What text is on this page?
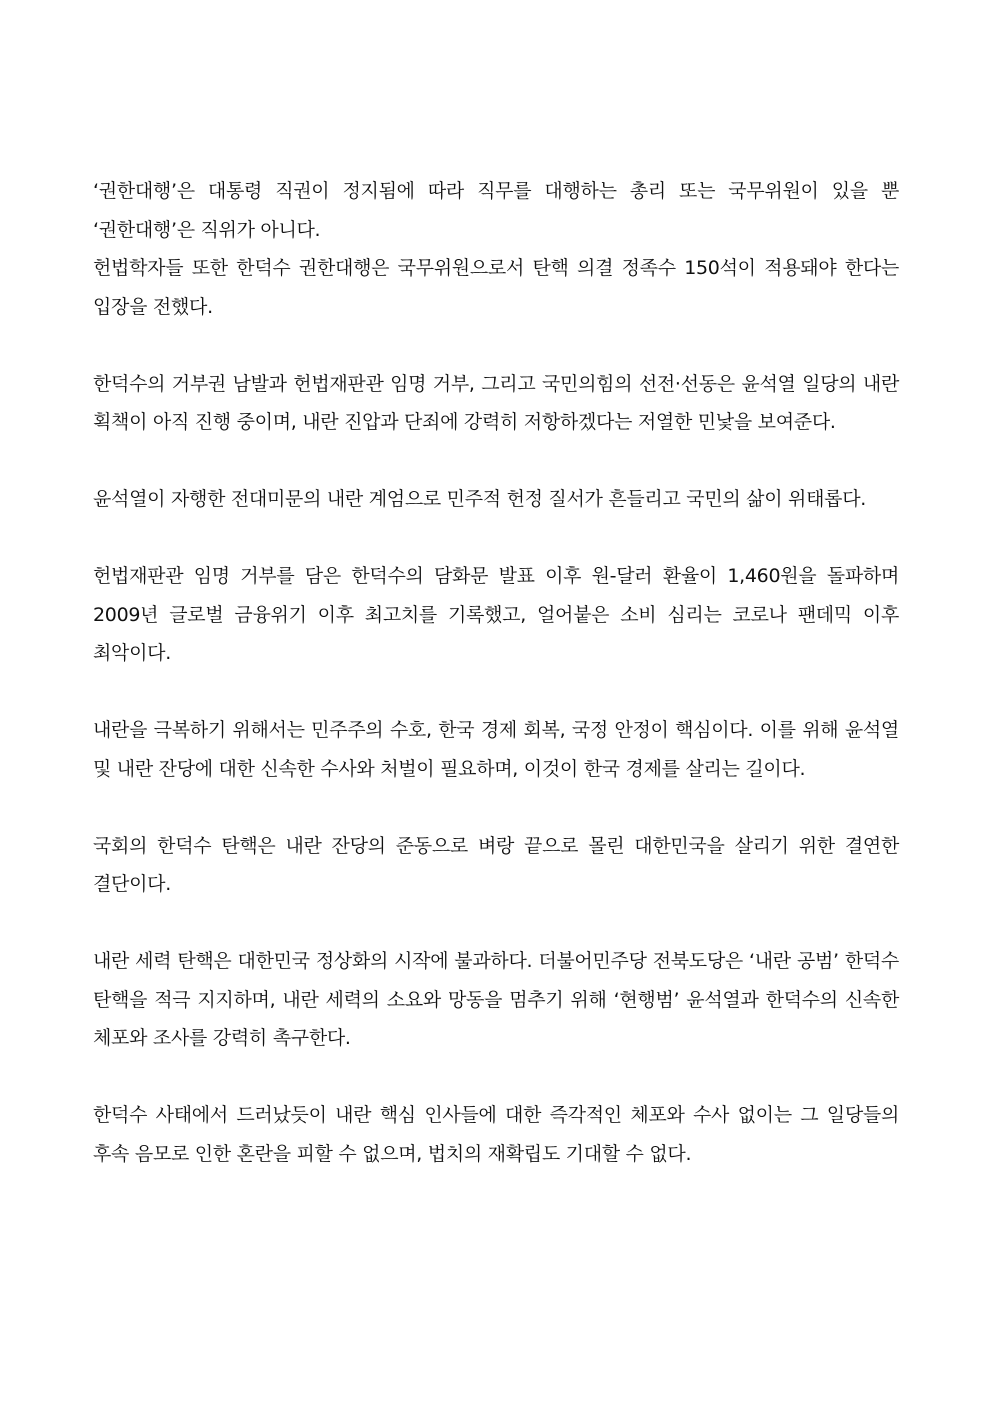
‘권한대행’은 대통령 직권이 정지됨에 따라 직무를 대행하는 총리 또는 국무위원이 있을 뿐 ‘권한대행’은 직위가 아니다.

헌법학자들 또한 한덕수 권한대행은 국무위원으로서 탄핵 의결 정족수 150석이 적용돼야 한다는 입장을 전했다.

한덕수의 거부권 남발과 헌법재판관 임명 거부, 그리고 국민의힘의 선전·선동은 윤석열 일당의 내란 획책이 아직 진행 중이며, 내란 진압과 단죄에 강력히 저항하겠다는 저열한 민낯을 보여준다.

윤석열이 자행한 전대미문의 내란 계엄으로 민주적 헌정 질서가 흔들리고 국민의 삶이 위태롭다.

헌법재판관 임명 거부를 담은 한덕수의 담화문 발표 이후 원-달러 환율이 1,460원을 돌파하며 2009년 글로벌 금융위기 이후 최고치를 기록했고, 얼어붙은 소비 심리는 코로나 팬데믹 이후 최악이다.

내란을 극복하기 위해서는 민주주의 수호, 한국 경제 회복, 국정 안정이 핵심이다. 이를 위해 윤석열 및 내란 잔당에 대한 신속한 수사와 처벌이 필요하며, 이것이 한국 경제를 살리는 길이다.

국회의 한덕수 탄핵은 내란 잔당의 준동으로 벼랑 끝으로 몰린 대한민국을 살리기 위한 결연한 결단이다.

내란 세력 탄핵은 대한민국 정상화의 시작에 불과하다. 더불어민주당 전북도당은 ‘내란 공범’ 한덕수 탄핵을 적극 지지하며, 내란 세력의 소요와 망동을 멈추기 위해 ‘현행범’ 윤석열과 한덕수의 신속한 체포와 조사를 강력히 촉구한다.

한덕수 사태에서 드러났듯이 내란 핵심 인사들에 대한 즉각적인 체포와 수사 없이는 그 일당들의 후속 음모로 인한 혼란을 피할 수 없으며, 법치의 재확립도 기대할 수 없다.
